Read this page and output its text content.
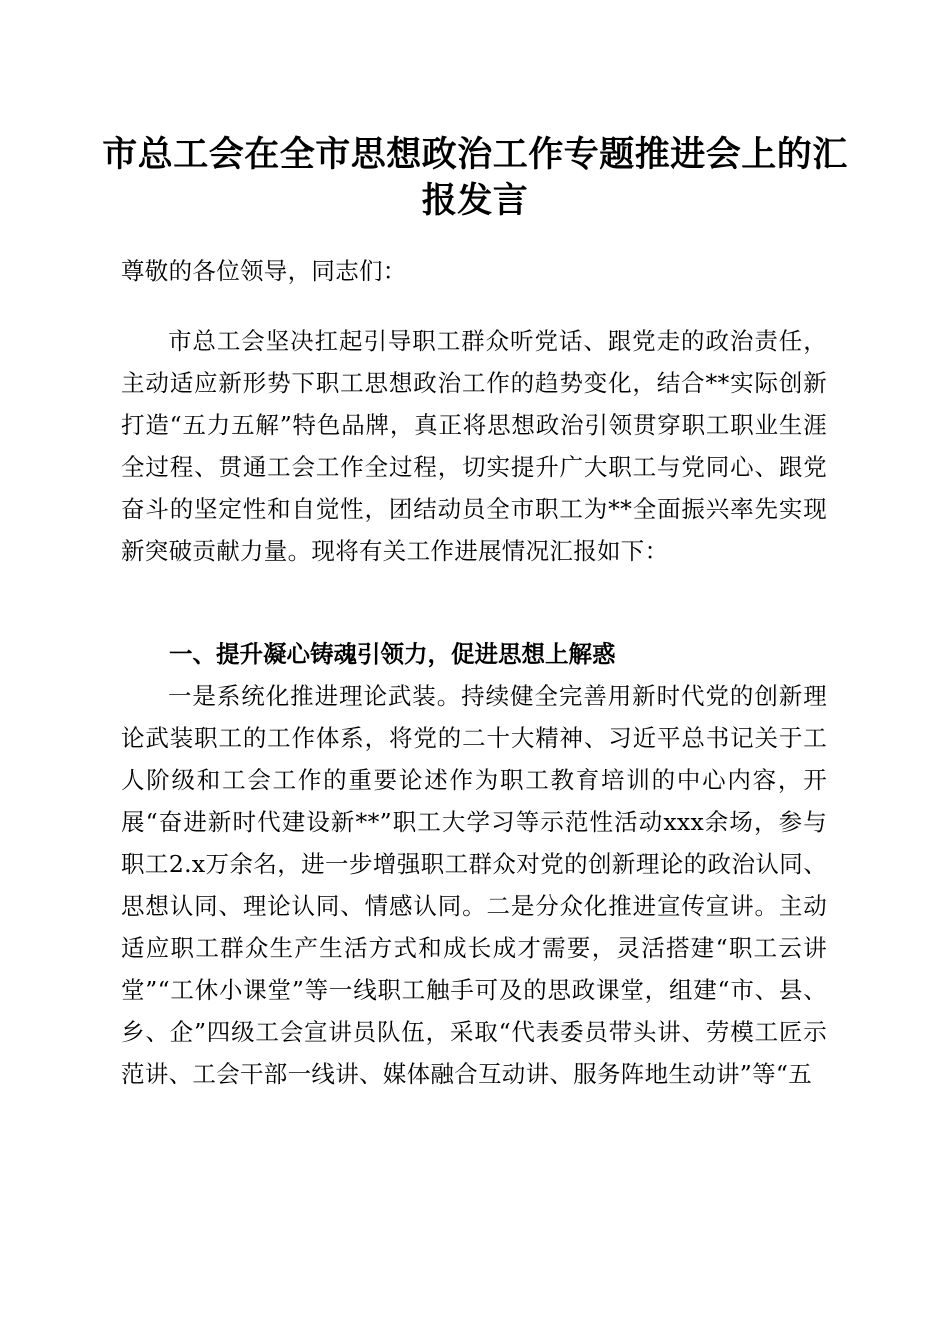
市总工会在全市思想政治工作专题推进会上的汇报发言
尊敬的各位领导，同志们：
市总工会坚决扛起引导职工群众听党话、跟党走的政治责任，主动适应新形势下职工思想政治工作的趋势变化，结合**实际创新打造“五力五解”特色品牌，真正将思想政治引领贯穿职工职业生涯全过程、贯通工会工作全过程，切实提升广大职工与党同心、跟党奋斗的坚定性和自觉性，团结动员全市职工为**全面振兴率先实现新突破贡献力量。现将有关工作进展情况汇报如下：
一、提升凝心铸魂引领力，促进思想上解惑
一是系统化推进理论武装。持续健全完善用新时代党的创新理论武装职工的工作体系，将党的二十大精神、习近平总书记关于工人阶级和工会工作的重要论述作为职工教育培训的中心内容，开展“奋进新时代建设新**”职工大学习等示范性活动xxx余场，参与职工2.x万余名，进一步增强职工群众对党的创新理论的政治认同、思想认同、理论认同、情感认同。二是分众化推进宣传宣讲。主动适应职工群众生产生活方式和成长成才需要，灵活搭建“职工云讲堂”“工休小课堂”等一线职工触手可及的思政课堂，组建“市、县、乡、企”四级工会宣讲员队伍，采取“代表委员带头讲、劳模工匠示范讲、工会干部一线讲、媒体融合互动讲、服务阵地生动讲”等“五
